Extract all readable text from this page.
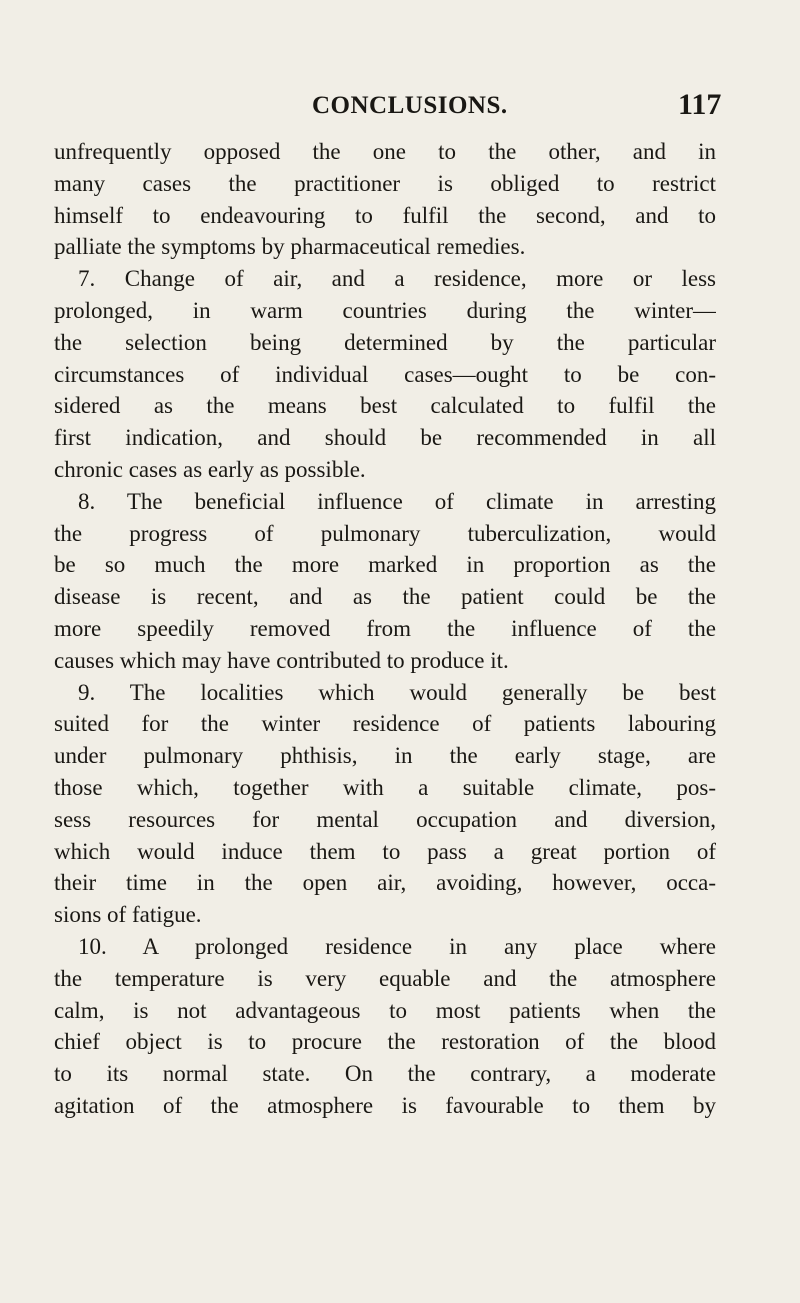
CONCLUSIONS.	117
unfrequently opposed the one to the other, and in
many cases the practitioner is obliged to restrict
himself to endeavouring to fulfil the second, and to
palliate the symptoms by pharmaceutical remedies.
7. Change of air, and a residence, more or less
prolonged, in warm countries during the winter—
the selection being determined by the particular
circumstances of individual cases—ought to be con-
sidered as the means best calculated to fulfil the
first indication, and should be recommended in all
chronic cases as early as possible.
8. The beneficial influence of climate in arresting
the progress of pulmonary tuberculization, would
be so much the more marked in proportion as the
disease is recent, and as the patient could be the
more speedily removed from the influence of the
causes which may have contributed to produce it.
9. The localities which would generally be best
suited for the winter residence of patients labouring
under pulmonary phthisis, in the early stage, are
those which, together with a suitable climate, pos-
sess resources for mental occupation and diversion,
which would induce them to pass a great portion of
their time in the open air, avoiding, however, occa-
sions of fatigue.
10. A prolonged residence in any place where
the temperature is very equable and the atmosphere
calm, is not advantageous to most patients when the
chief object is to procure the restoration of the blood
to its normal state. On the contrary, a moderate
agitation of the atmosphere is favourable to them by
